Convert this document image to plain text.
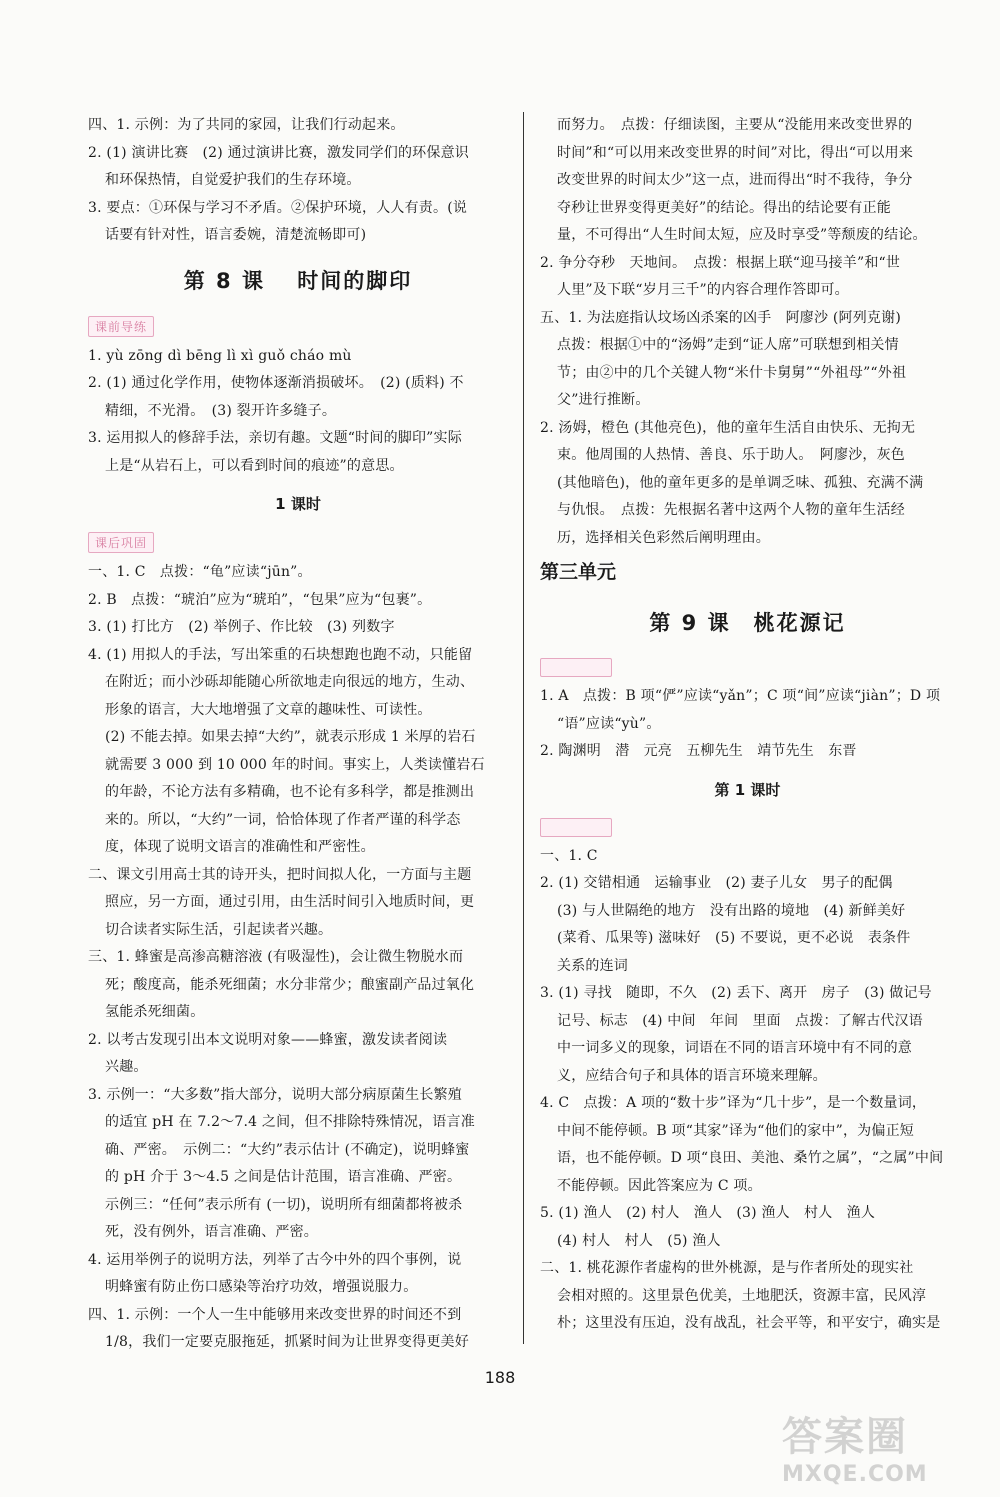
四、1. 示例：为了共同的家园，让我们行动起来。

2. (1) 演讲比赛　(2) 通过演讲比赛，激发同学们的环保意识

和环保热情，自觉爱护我们的生存环境。

3. 要点：①环保与学习不矛盾。②保护环境，人人有责。(说

话要有针对性，语言委婉，清楚流畅即可)

第 8 课　 时间的脚印
课前导练

1. yù zōng dì bēng lì xì guǒ cháo mù

2. (1) 通过化学作用，使物体逐渐消损破坏。　(2) (质料) 不

精细，不光滑。　(3) 裂开许多缝子。

3. 运用拟人的修辞手法，亲切有趣。文题“时间的脚印”实际

上是“从岩石上，可以看到时间的痕迹”的意思。

1 课时
课后巩固

一、1. C　点拨：“龟”应读“jūn”。

2. B　点拨：“琥泊”应为“琥珀”，“包果”应为“包裹”。

3. (1) 打比方　(2) 举例子、作比较　(3) 列数字

4. (1) 用拟人的手法，写出笨重的石块想跑也跑不动，只能留

在附近；而小沙砾却能随心所欲地走向很远的地方，生动、

形象的语言，大大地增强了文章的趣味性、可读性。

(2) 不能去掉。如果去掉“大约”，就表示形成 1 米厚的岩石

就需要 3 000 到 10 000 年的时间。事实上，人类读懂岩石

的年龄，不论方法有多精确，也不论有多科学，都是推测出

来的。所以，“大约”一词，恰恰体现了作者严谨的科学态

度，体现了说明文语言的准确性和严密性。

二、课文引用高士其的诗开头，把时间拟人化，一方面与主题

照应，另一方面，通过引用，由生活时间引入地质时间，更

切合读者实际生活，引起读者兴趣。

三、1. 蜂蜜是高渗高糖溶液 (有吸湿性)，会让微生物脱水而

死；酸度高，能杀死细菌；水分非常少；酿蜜副产品过氧化

氢能杀死细菌。

2. 以考古发现引出本文说明对象——蜂蜜，激发读者阅读

兴趣。

3. 示例一：“大多数”指大部分，说明大部分病原菌生长繁殖

的适宜 pH 在 7.2～7.4 之间，但不排除特殊情况，语言准

确、严密。　示例二：“大约”表示估计 (不确定)，说明蜂蜜

的 pH 介于 3～4.5 之间是估计范围，语言准确、严密。

示例三：“任何”表示所有 (一切)，说明所有细菌都将被杀

死，没有例外，语言准确、严密。

4. 运用举例子的说明方法，列举了古今中外的四个事例，说

明蜂蜜有防止伤口感染等治疗功效，增强说服力。

四、1. 示例：一个人一生中能够用来改变世界的时间还不到

1/8，我们一定要克服拖延，抓紧时间为让世界变得更美好

而努力。　点拨：仔细读图，主要从“没能用来改变世界的

时间”和“可以用来改变世界的时间”对比，得出“可以用来

改变世界的时间太少”这一点，进而得出“时不我待，争分

夺秒让世界变得更美好”的结论。得出的结论要有正能

量，不可得出“人生时间太短，应及时享受”等颓废的结论。

2. 争分夺秒　天地间。　点拨：根据上联“迎马接羊”和“世

人里”及下联“岁月三千”的内容合理作答即可。

五、1. 为法庭指认坟场凶杀案的凶手　阿廖沙 (阿列克谢)

点拨：根据①中的“汤姆”走到“证人席”可联想到相关情

节；由②中的几个关键人物“米什卡舅舅”“外祖母”“外祖

父”进行推断。

2. 汤姆，橙色 (其他亮色)，他的童年生活自由快乐、无拘无

束。他周围的人热情、善良、乐于助人。　阿廖沙，灰色

(其他暗色)，他的童年更多的是单调乏味、孤独、充满不满

与仇恨。　点拨：先根据名著中这两个人物的童年生活经

历，选择相关色彩然后阐明理由。

第三单元
第 9 课　桃花源记

1. A　点拨：B 项“俨”应读“yǎn”；C 项“间”应读“jiàn”；D 项

“语”应读“yù”。

2. 陶渊明　潜　元亮　五柳先生　靖节先生　东晋

第 1 课时

一、1. C

2. (1) 交错相通　运输事业　(2) 妻子儿女　男子的配偶

(3) 与人世隔绝的地方　没有出路的境地　(4) 新鲜美好

(菜肴、瓜果等) 滋味好　(5) 不要说，更不必说　表条件

关系的连词

3. (1) 寻找　随即，不久　(2) 丢下、离开　房子　(3) 做记号

记号、标志　(4) 中间　年间　里面　点拨：了解古代汉语

中一词多义的现象，词语在不同的语言环境中有不同的意

义，应结合句子和具体的语言环境来理解。

4. C　点拨：A 项的“数十步”译为“几十步”，是一个数量词，

中间不能停顿。B 项“其家”译为“他们的家中”，为偏正短

语，也不能停顿。D 项“良田、美池、桑竹之属”，“之属”中间

不能停顿。因此答案应为 C 项。

5. (1) 渔人　(2) 村人　渔人　(3) 渔人　村人　渔人

(4) 村人　村人　(5) 渔人

二、1. 桃花源作者虚构的世外桃源，是与作者所处的现实社

会相对照的。这里景色优美，土地肥沃，资源丰富，民风淳

朴；这里没有压迫，没有战乱，社会平等，和平安宁，确实是

188
答案圈
MXQE.COM
